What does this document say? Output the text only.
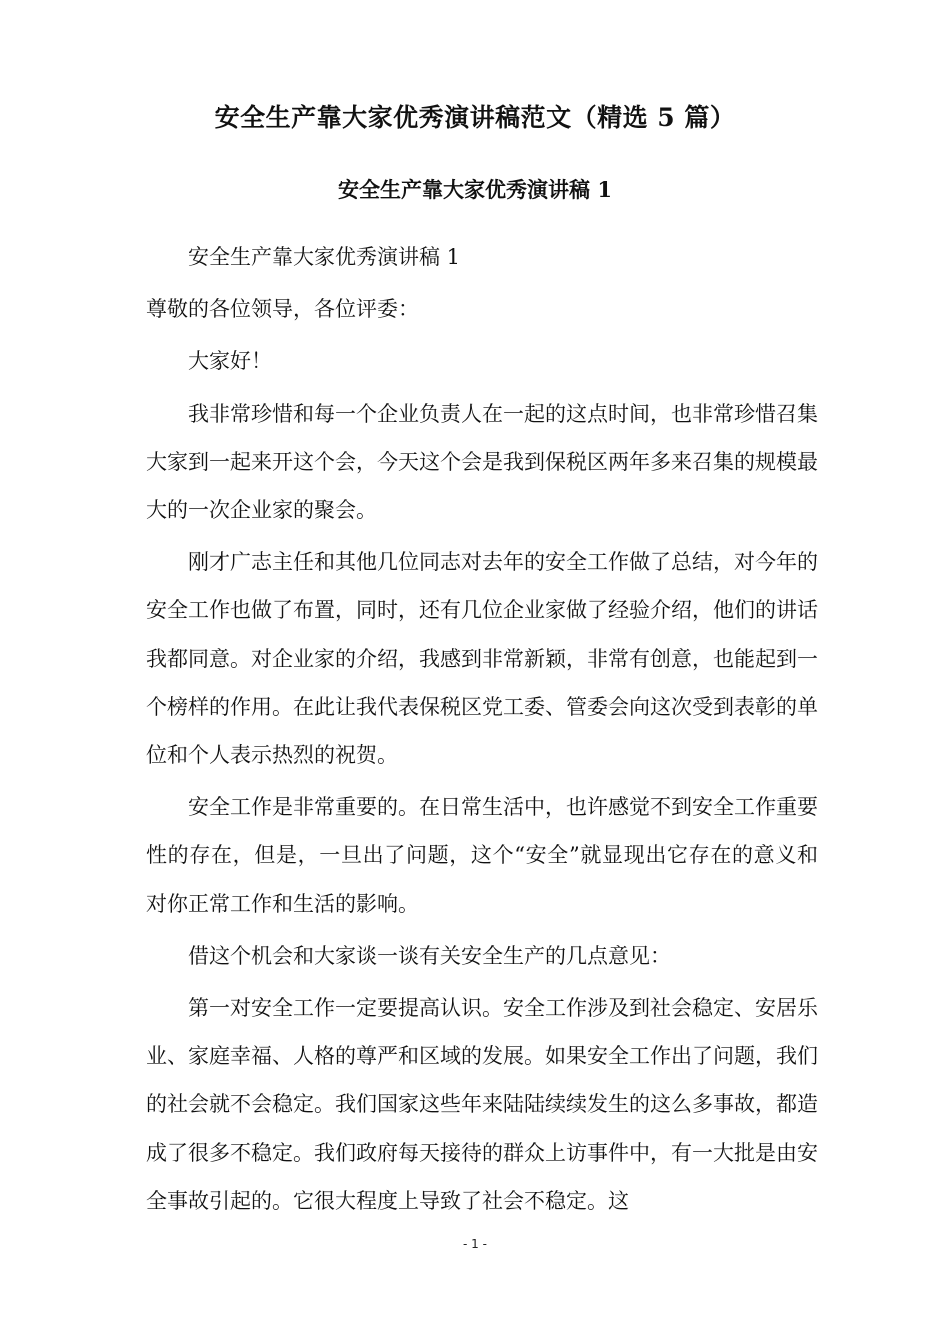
安全生产靠大家优秀演讲稿范文（精选 5 篇）
安全生产靠大家优秀演讲稿 1

安全生产靠大家优秀演讲稿 1

尊敬的各位领导，各位评委：

大家好！

我非常珍惜和每一个企业负责人在一起的这点时间，也非常珍惜召集大家到一起来开这个会，今天这个会是我到保税区两年多来召集的规模最大的一次企业家的聚会。

刚才广志主任和其他几位同志对去年的安全工作做了总结，对今年的安全工作也做了布置，同时，还有几位企业家做了经验介绍，他们的讲话我都同意。对企业家的介绍，我感到非常新颖，非常有创意，也能起到一个榜样的作用。在此让我代表保税区党工委、管委会向这次受到表彰的单位和个人表示热烈的祝贺。

安全工作是非常重要的。在日常生活中，也许感觉不到安全工作重要性的存在，但是，一旦出了问题，这个“安全”就显现出它存在的意义和对你正常工作和生活的影响。

借这个机会和大家谈一谈有关安全生产的几点意见：

第一对安全工作一定要提高认识。安全工作涉及到社会稳定、安居乐业、家庭幸福、人格的尊严和区域的发展。如果安全工作出了问题，我们的社会就不会稳定。我们国家这些年来陆陆续续发生的这么多事故，都造成了很多不稳定。我们政府每天接待的群众上访事件中，有一大批是由安全事故引起的。它很大程度上导致了社会不稳定。这

- 1 -
